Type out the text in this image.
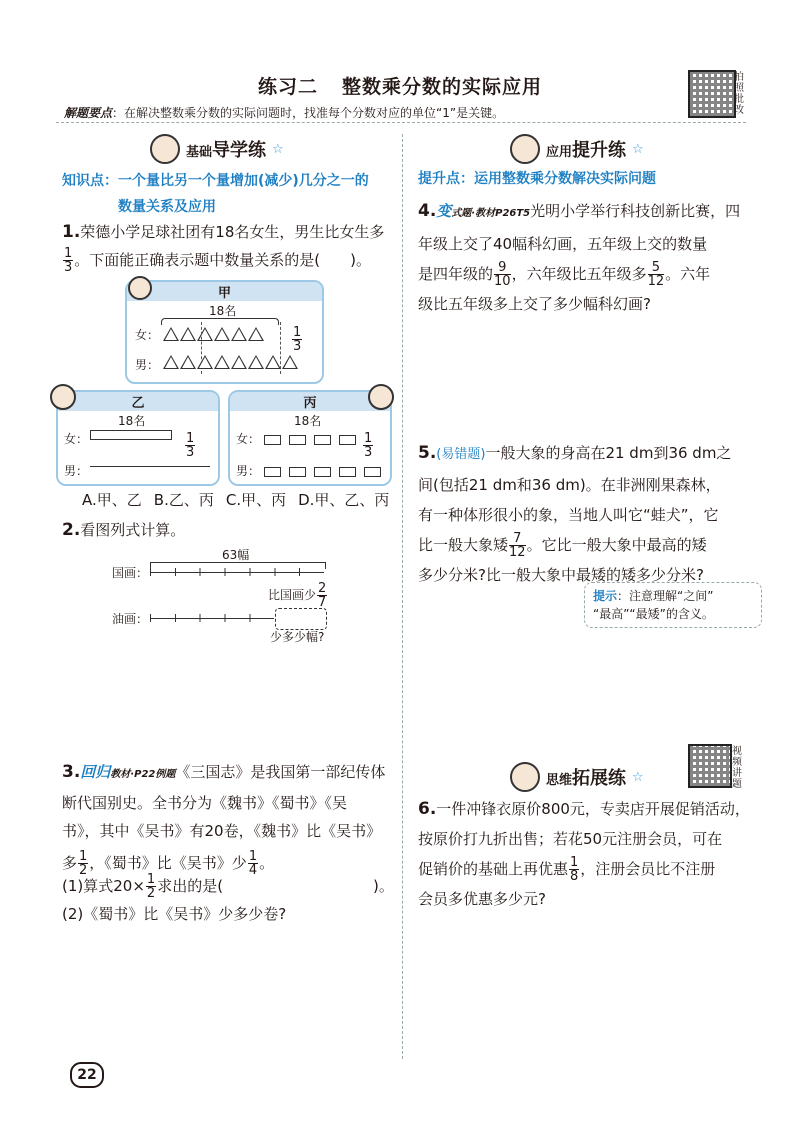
练习二 整数乘分数的实际应用	拍照批改
解题要点：在解决整数乘分数的实际问题时，找准每个分数对应的单位“1”是关键。
基础导学练 ☆
知识点：一个量比另一个量增加(减少)几分之一的
数量关系及应用
1.荣德小学足球社团有18名女生，男生比女生多
$\frac{1}{3}$ 。下面能正确表示题中数量关系的是(　　)。
甲
18名
女：	$\frac{1}{3}$
男：
乙
18名
女：	$\frac{1}{3}$
男：
丙
18名
女：	$\frac{1}{3}$
男：
A.甲、乙 B.乙、丙 C.甲、丙 D.甲、乙、丙
2.看图列式计算。
63幅
国画：
比国画少 $\frac{2}{7}$
油画：
少多少幅?
3.回归教材·P22例题《三国志》是我国第一部纪传体
断代国别史。全书分为《魏书》《蜀书》《吴
书》，其中《吴书》有20卷，《魏书》比《吴书》
多 $\frac{1}{2}$ ，《蜀书》比《吴书》少 $\frac{1}{4}$ 。
(1)算式$20\times \frac{1}{2}$ 求出的是(　　　　　　　　　　)。
(2)《蜀书》比《吴书》少多少卷?
应用提升练 ☆
提升点：运用整数乘分数解决实际问题
4.变式题·教材P26T5光明小学举行科技创新比赛，四
年级上交了40幅科幻画，五年级上交的数量
是四年级的 $\frac{9}{10}$ ，六年级比五年级多 $\frac{5}{12}$ 。六年
级比五年级多上交了多少幅科幻画?
5.(易错题)一般大象的身高在21 dm到36 dm之
间(包括21 dm和36 dm)。在非洲刚果森林，
有一种体形很小的象，当地人叫它“蛙犬”，它
比一般大象矮 $\frac{7}{12}$ 。它比一般大象中最高的矮
多少分米?比一般大象中最矮的矮多少分米?
提示：注意理解“之间”
“最高”“最矮”的含义。
思维拓展练 ☆
视频讲题
6.一件冲锋衣原价800元，专卖店开展促销活动，
按原价打九折出售；若花50元注册会员，可在
促销价的基础上再优惠 $\frac{1}{8}$ ，注册会员比不注册
会员多优惠多少元?
22
